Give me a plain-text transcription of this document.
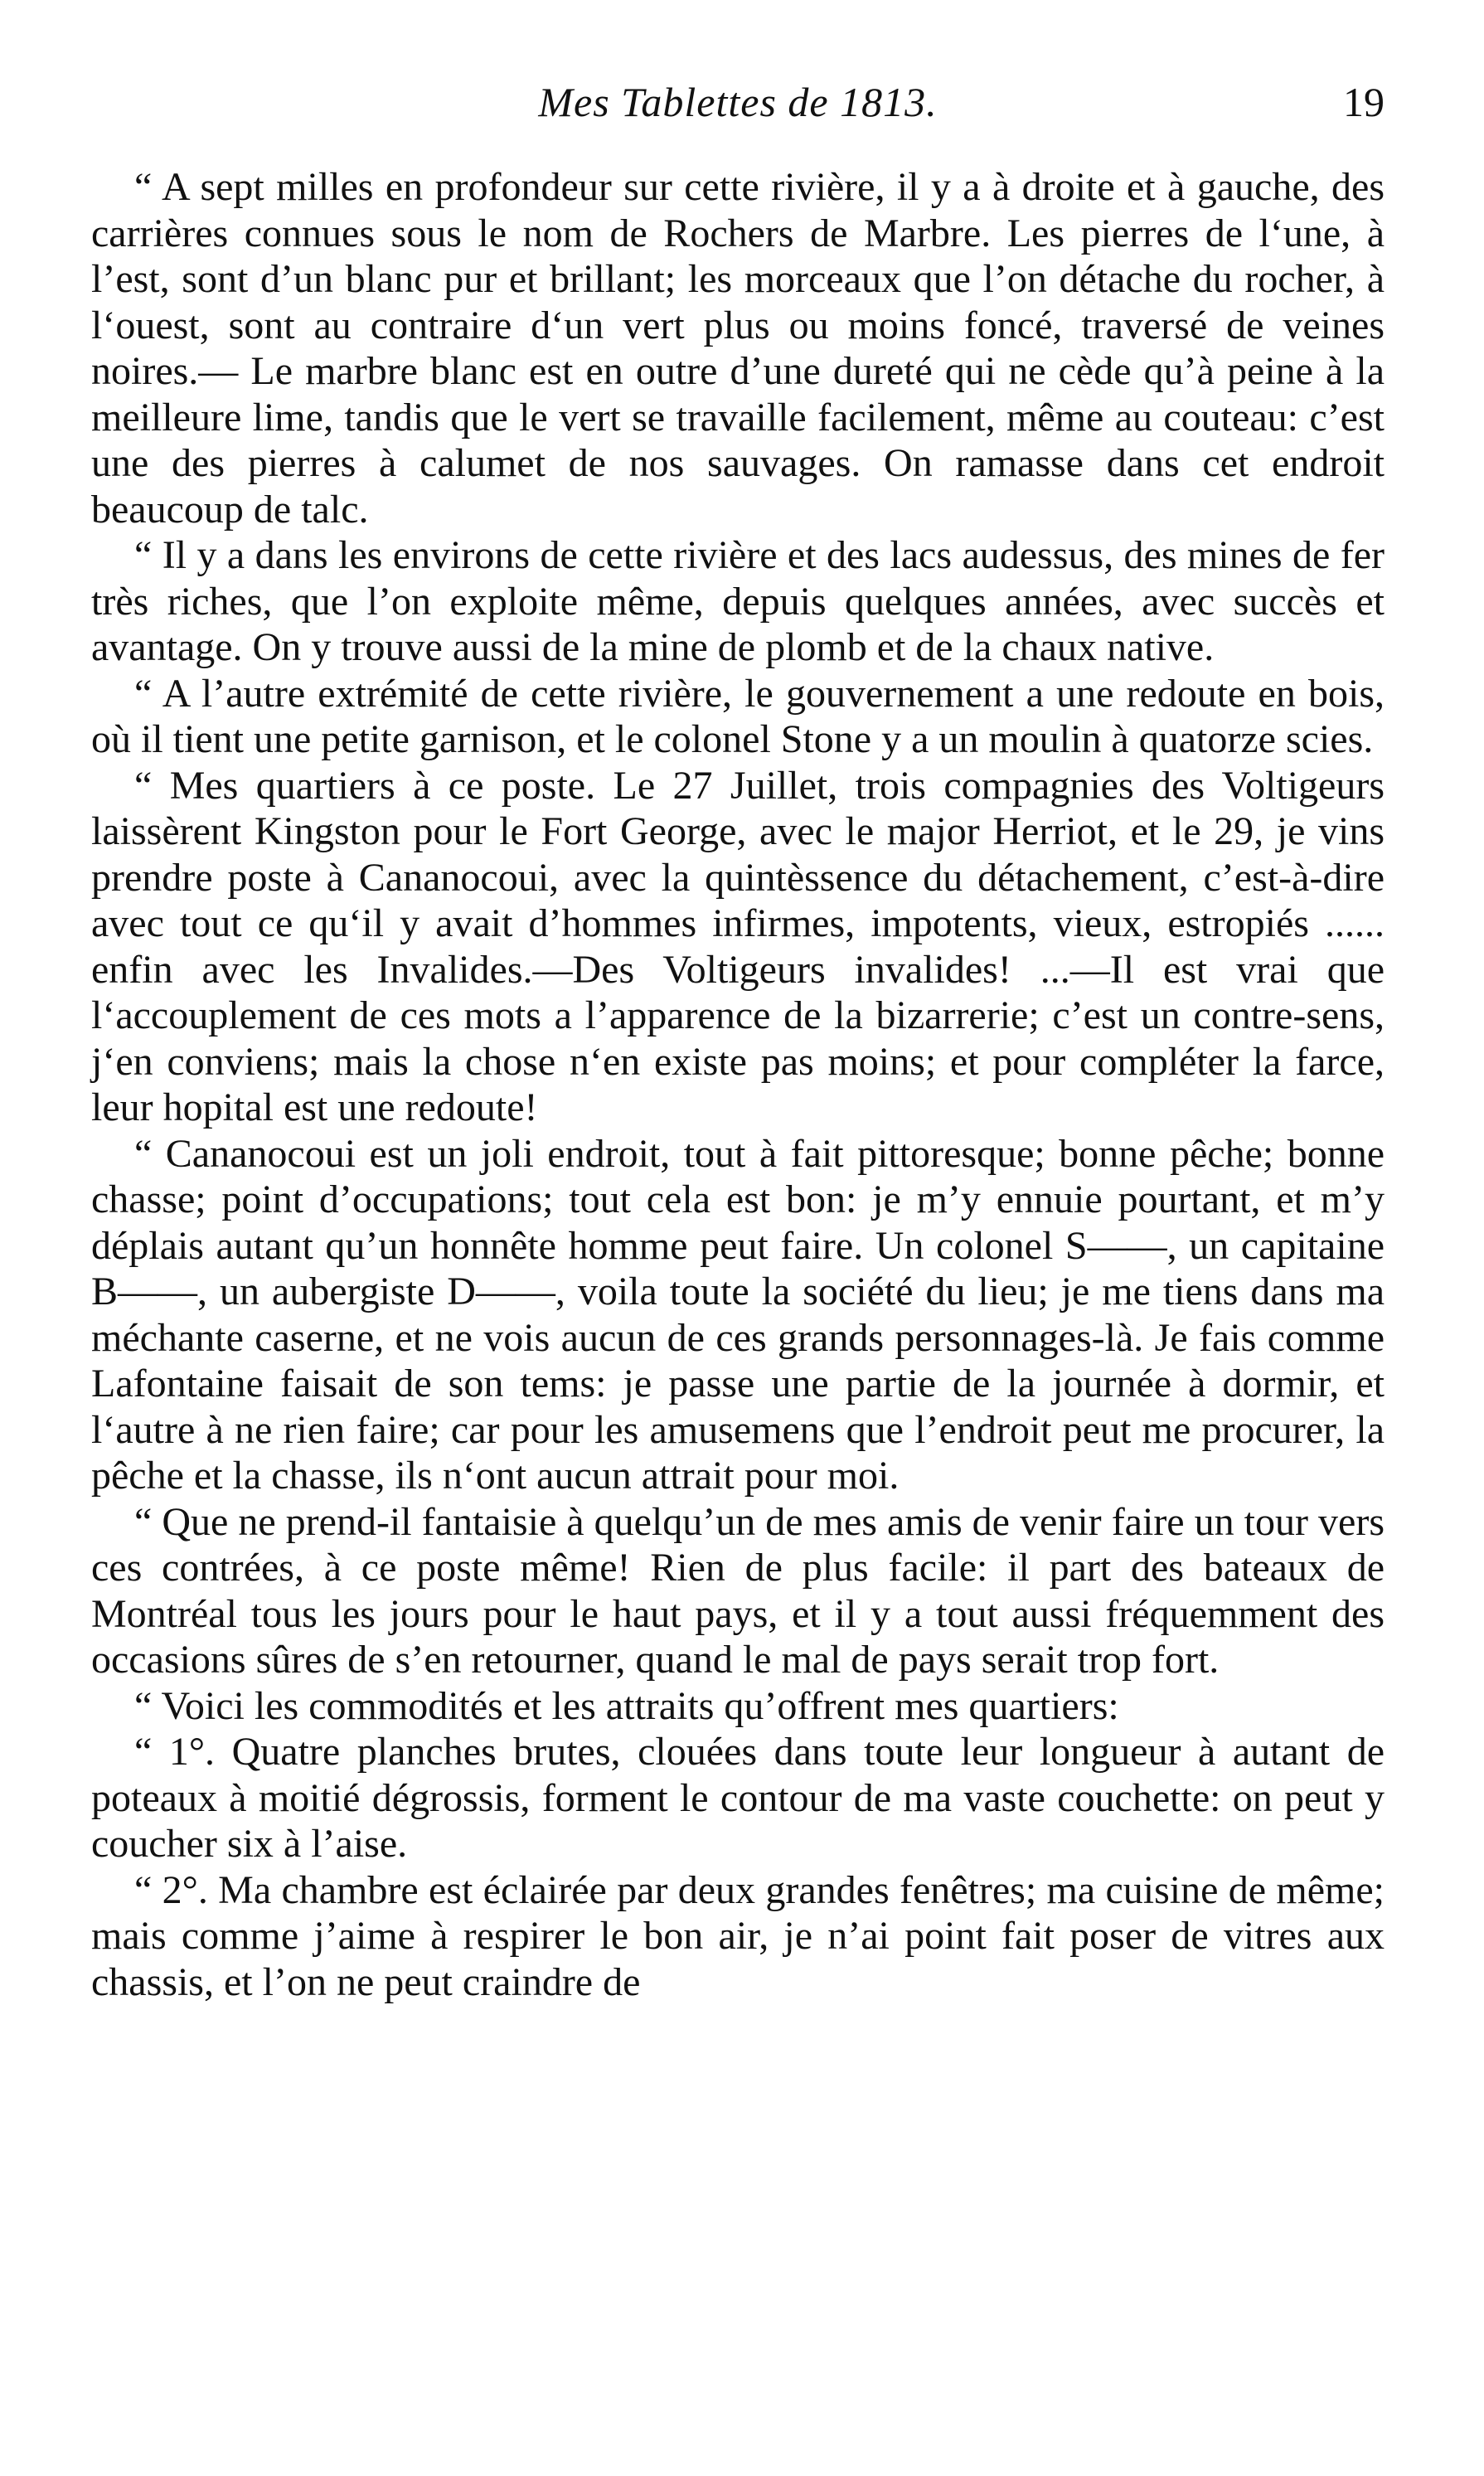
Mes Tablettes de 1813.	19

“ A sept milles en profondeur sur cette rivière, il y a à droite et à gauche, des carrières connues sous le nom de Rochers de Marbre. Les pierres de l‘une, à l’est, sont d’un blanc pur et brillant; les morceaux que l’on détache du rocher, à l‘ouest, sont au contraire d‘un vert plus ou moins foncé, traversé de veines noires.— Le marbre blanc est en outre d’une dureté qui ne cède qu’à peine à la meilleure lime, tandis que le vert se travaille facilement, même au couteau: c’est une des pierres à calumet de nos sauvages. On ramasse dans cet endroit beaucoup de talc.

“ Il y a dans les environs de cette rivière et des lacs audessus, des mines de fer très riches, que l’on exploite même, depuis quelques années, avec succès et avantage. On y trouve aussi de la mine de plomb et de la chaux native.

“ A l’autre extrémité de cette rivière, le gouvernement a une redoute en bois, où il tient une petite garnison, et le colonel Stone y a un moulin à quatorze scies.

“ Mes quartiers à ce poste. Le 27 Juillet, trois compagnies des Voltigeurs laissèrent Kingston pour le Fort George, avec le major Herriot, et le 29, je vins prendre poste à Cananocoui, avec la quintèssence du détachement, c’est-à-dire avec tout ce qu‘il y avait d’hommes infirmes, impotents, vieux, estropiés ...... enfin avec les Invalides.—Des Voltigeurs invalides! ...—Il est vrai que l‘accouplement de ces mots a l’apparence de la bizarrerie; c’est un contre-sens, j‘en conviens; mais la chose n‘en existe pas moins; et pour compléter la farce, leur hopital est une redoute!

“ Cananocoui est un joli endroit, tout à fait pittoresque; bonne pêche; bonne chasse; point d’occupations; tout cela est bon: je m’y ennuie pourtant, et m’y déplais autant qu’un honnête homme peut faire. Un colonel S——, un capitaine B——, un aubergiste D——, voila toute la société du lieu; je me tiens dans ma méchante caserne, et ne vois aucun de ces grands personnages-là. Je fais comme Lafontaine faisait de son tems: je passe une partie de la journée à dormir, et l‘autre à ne rien faire; car pour les amusemens que l’endroit peut me procurer, la pêche et la chasse, ils n‘ont aucun attrait pour moi.

“ Que ne prend-il fantaisie à quelqu’un de mes amis de venir faire un tour vers ces contrées, à ce poste même! Rien de plus facile: il part des bateaux de Montréal tous les jours pour le haut pays, et il y a tout aussi fréquemment des occasions sûres de s’en retourner, quand le mal de pays serait trop fort.

“ Voici les commodités et les attraits qu’offrent mes quartiers:

“ 1°. Quatre planches brutes, clouées dans toute leur longueur à autant de poteaux à moitié dégrossis, forment le contour de ma vaste couchette: on peut y coucher six à l’aise.

“ 2°. Ma chambre est éclairée par deux grandes fenêtres; ma cuisine de même; mais comme j’aime à respirer le bon air, je n’ai point fait poser de vitres aux chassis, et l’on ne peut craindre de
